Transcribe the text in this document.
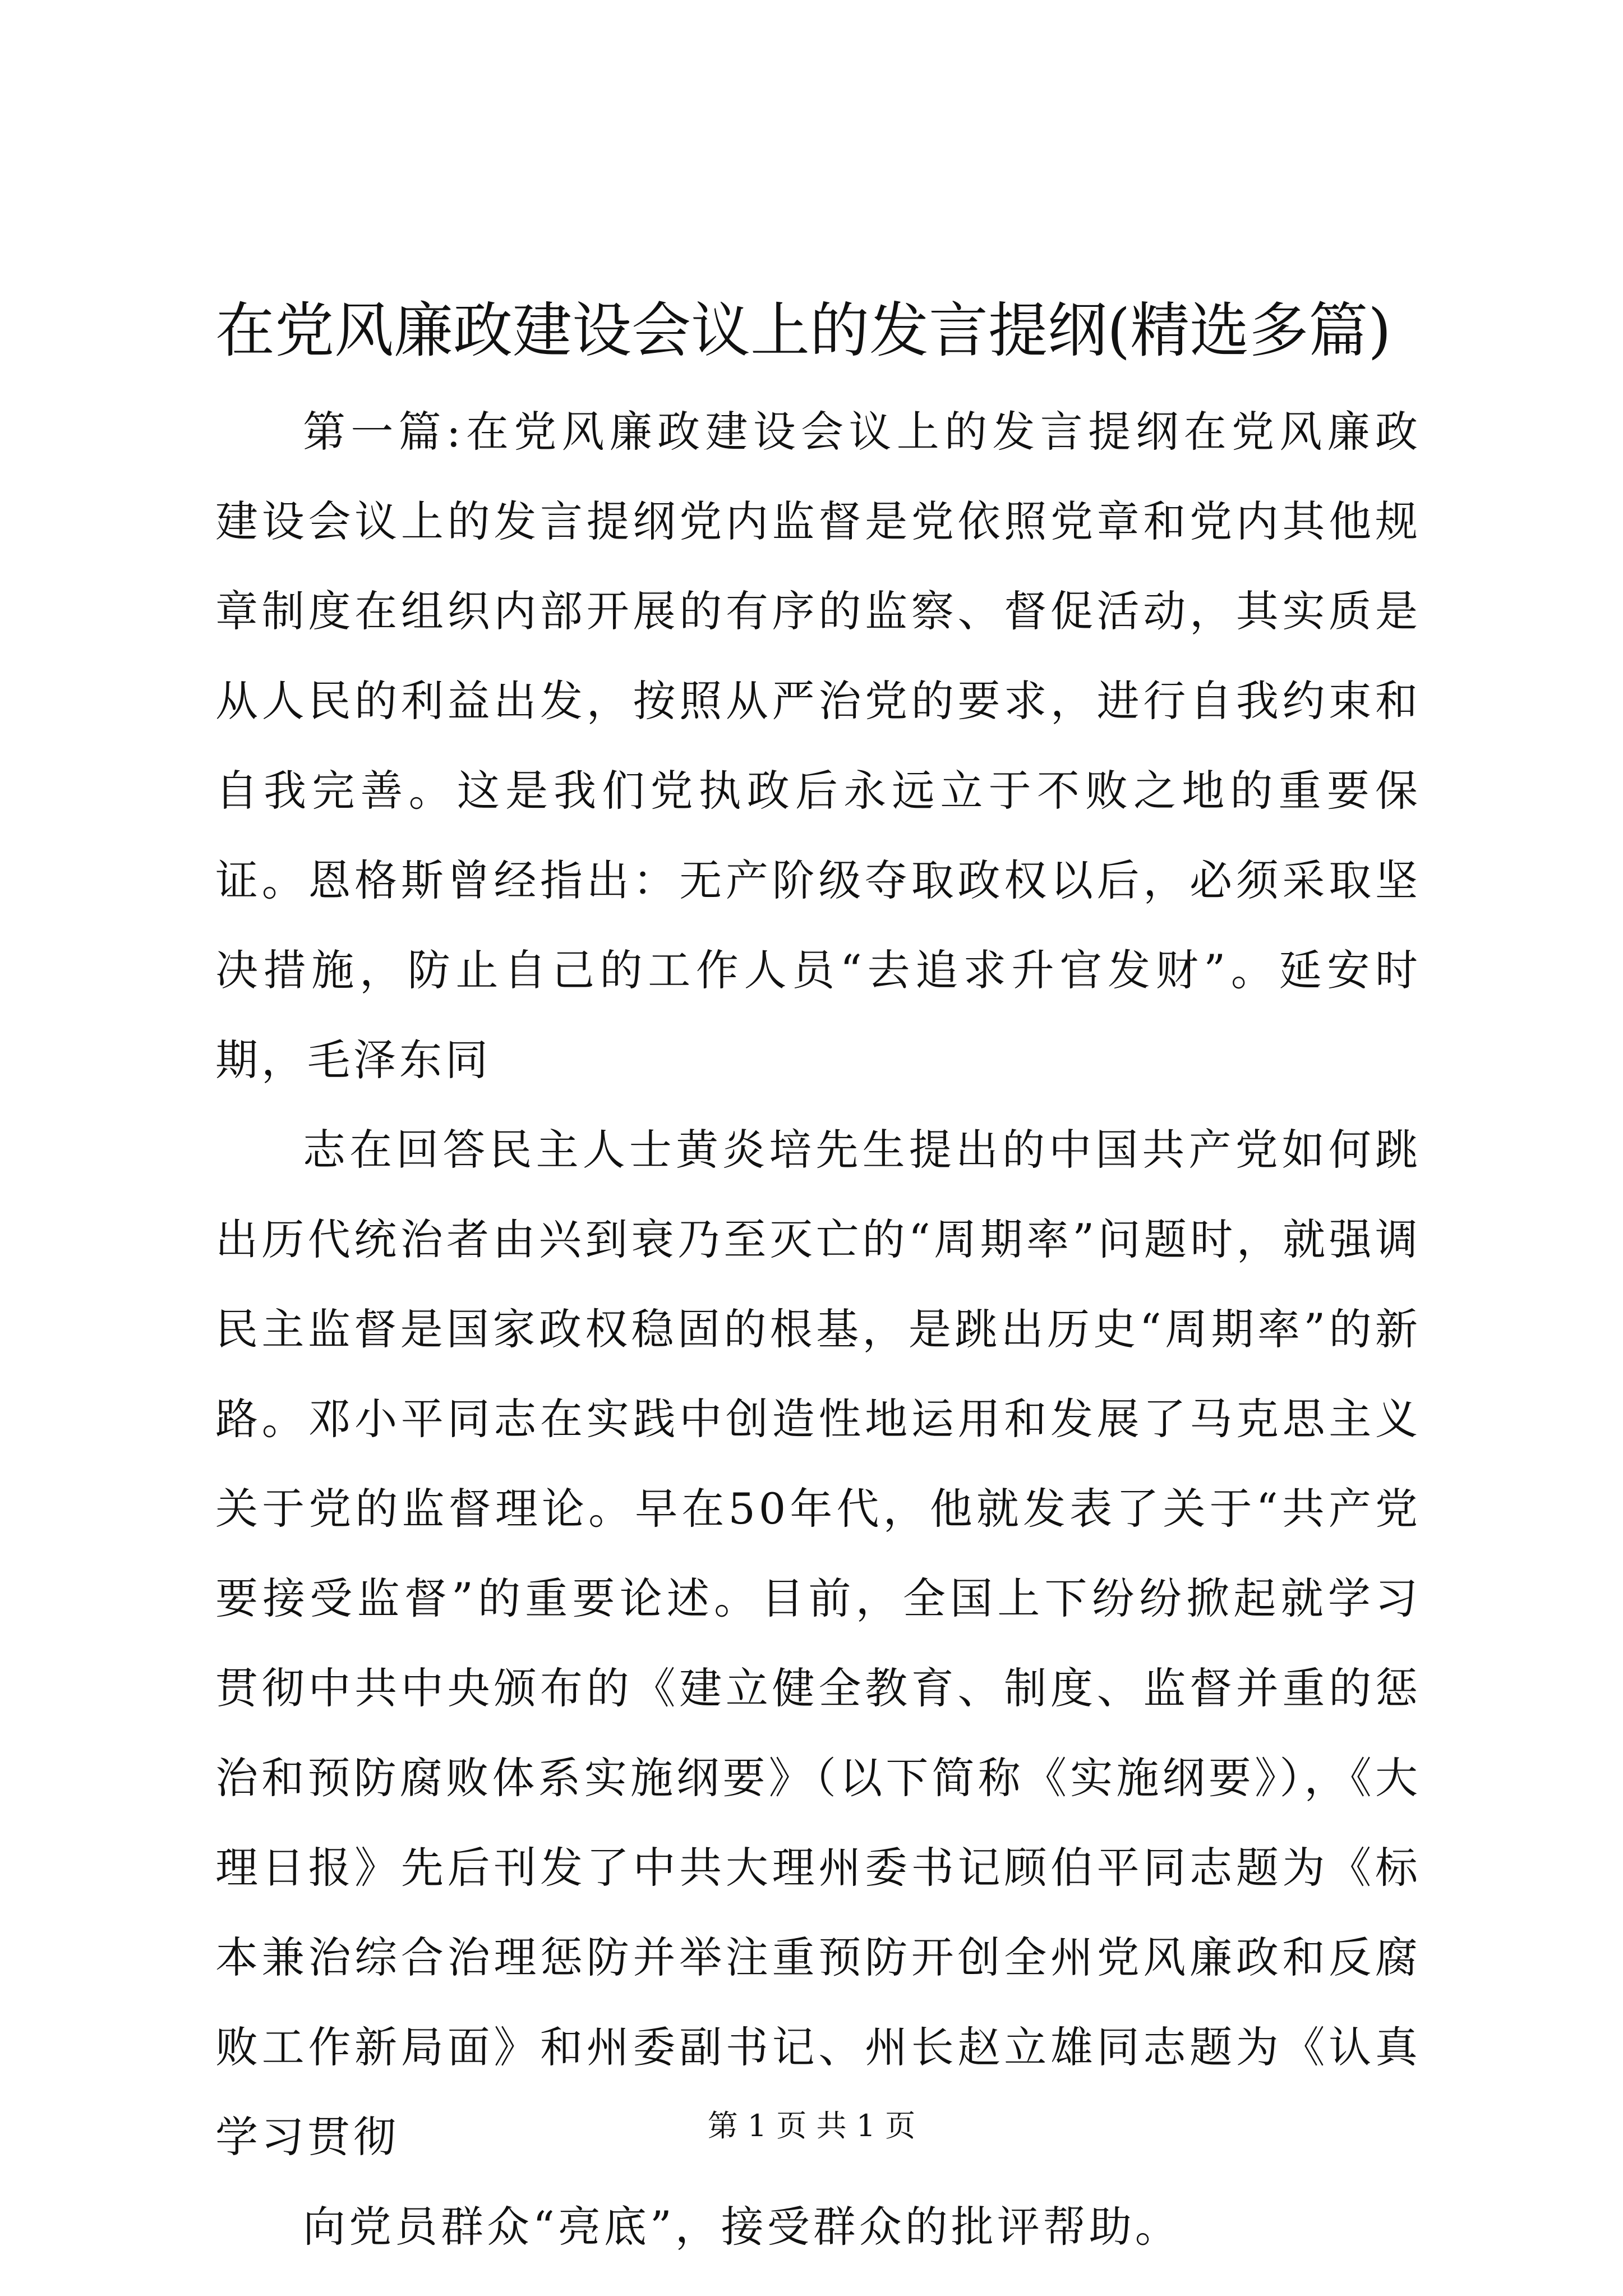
在党风廉政建设会议上的发言提纲(精选多篇)

第一篇:在党风廉政建设会议上的发言提纲在党风廉政建设会议上的发言提纲党内监督是党依照党章和党内其他规章制度在组织内部开展的有序的监察、督促活动，其实质是从人民的利益出发，按照从严治党的要求，进行自我约束和自我完善。这是我们党执政后永远立于不败之地的重要保证。恩格斯曾经指出：无产阶级夺取政权以后，必须采取坚决措施，防止自己的工作人员“去追求升官发财”。延安时期，毛泽东同

志在回答民主人士黄炎培先生提出的中国共产党如何跳出历代统治者由兴到衰乃至灭亡的“周期率”问题时，就强调民主监督是国家政权稳固的根基，是跳出历史“周期率”的新路。邓小平同志在实践中创造性地运用和发展了马克思主义关于党的监督理论。早在50年代，他就发表了关于“共产党要接受监督”的重要论述。目前，全国上下纷纷掀起就学习贯彻中共中央颁布的《建立健全教育、制度、监督并重的惩治和预防腐败体系实施纲要》（以下简称《实施纲要》），《大理日报》先后刊发了中共大理州委书记顾伯平同志题为《标本兼治综合治理惩防并举注重预防开创全州党风廉政和反腐败工作新局面》和州委副书记、州长赵立雄同志题为《认真学习贯彻

向党员群众“亮底”，接受群众的批评帮助。

第 1 页 共 1 页
